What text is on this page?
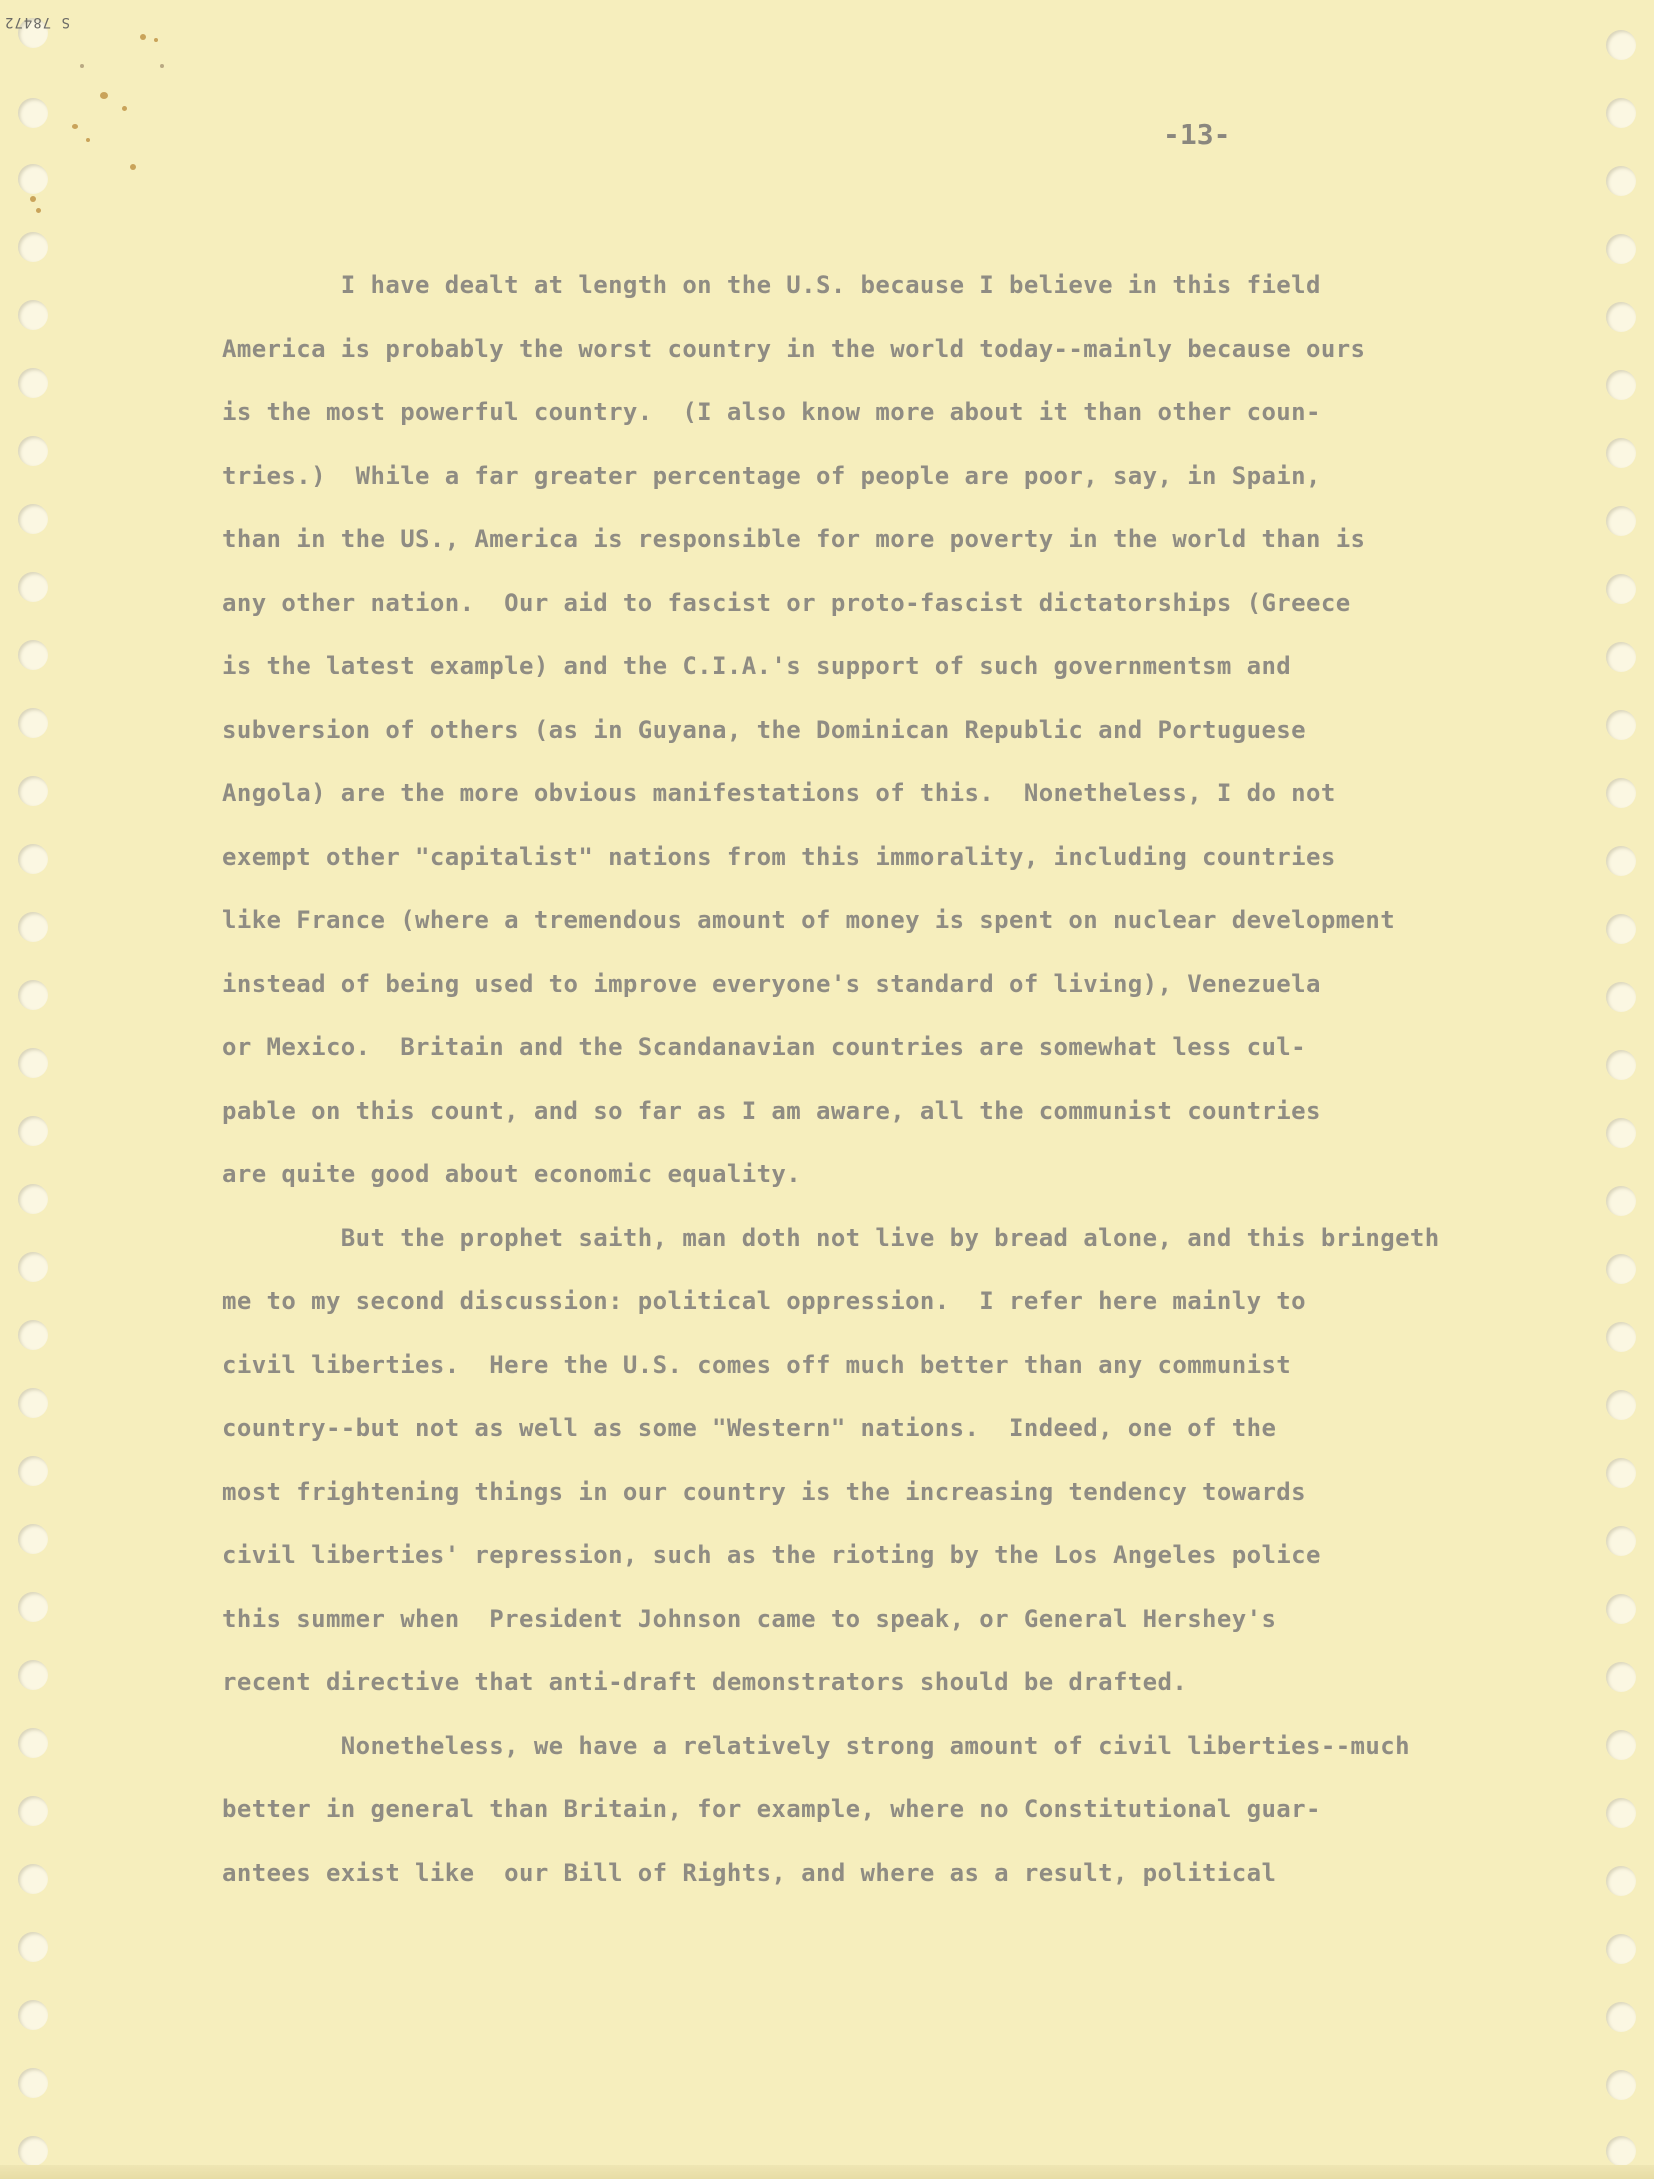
S 78472
-13-
I have dealt at length on the U.S. because I believe in this field
America is probably the worst country in the world today--mainly because ours
is the most powerful country.  (I also know more about it than other coun-
tries.)  While a far greater percentage of people are poor, say, in Spain,
than in the US., America is responsible for more poverty in the world than is
any other nation.  Our aid to fascist or proto-fascist dictatorships (Greece
is the latest example) and the C.I.A.'s support of such governmentsm and
subversion of others (as in Guyana, the Dominican Republic and Portuguese
Angola) are the more obvious manifestations of this.  Nonetheless, I do not
exempt other "capitalist" nations from this immorality, including countries
like France (where a tremendous amount of money is spent on nuclear development
instead of being used to improve everyone's standard of living), Venezuela
or Mexico.  Britain and the Scandanavian countries are somewhat less cul-
pable on this count, and so far as I am aware, all the communist countries
are quite good about economic equality.
But the prophet saith, man doth not live by bread alone, and this bringeth
me to my second discussion: political oppression.  I refer here mainly to
civil liberties.  Here the U.S. comes off much better than any communist
country--but not as well as some "Western" nations.  Indeed, one of the
most frightening things in our country is the increasing tendency towards
civil liberties' repression, such as the rioting by the Los Angeles police
this summer when  President Johnson came to speak, or General Hershey's
recent directive that anti-draft demonstrators should be drafted.
Nonetheless, we have a relatively strong amount of civil liberties--much
better in general than Britain, for example, where no Constitutional guar-
antees exist like  our Bill of Rights, and where as a result, political
